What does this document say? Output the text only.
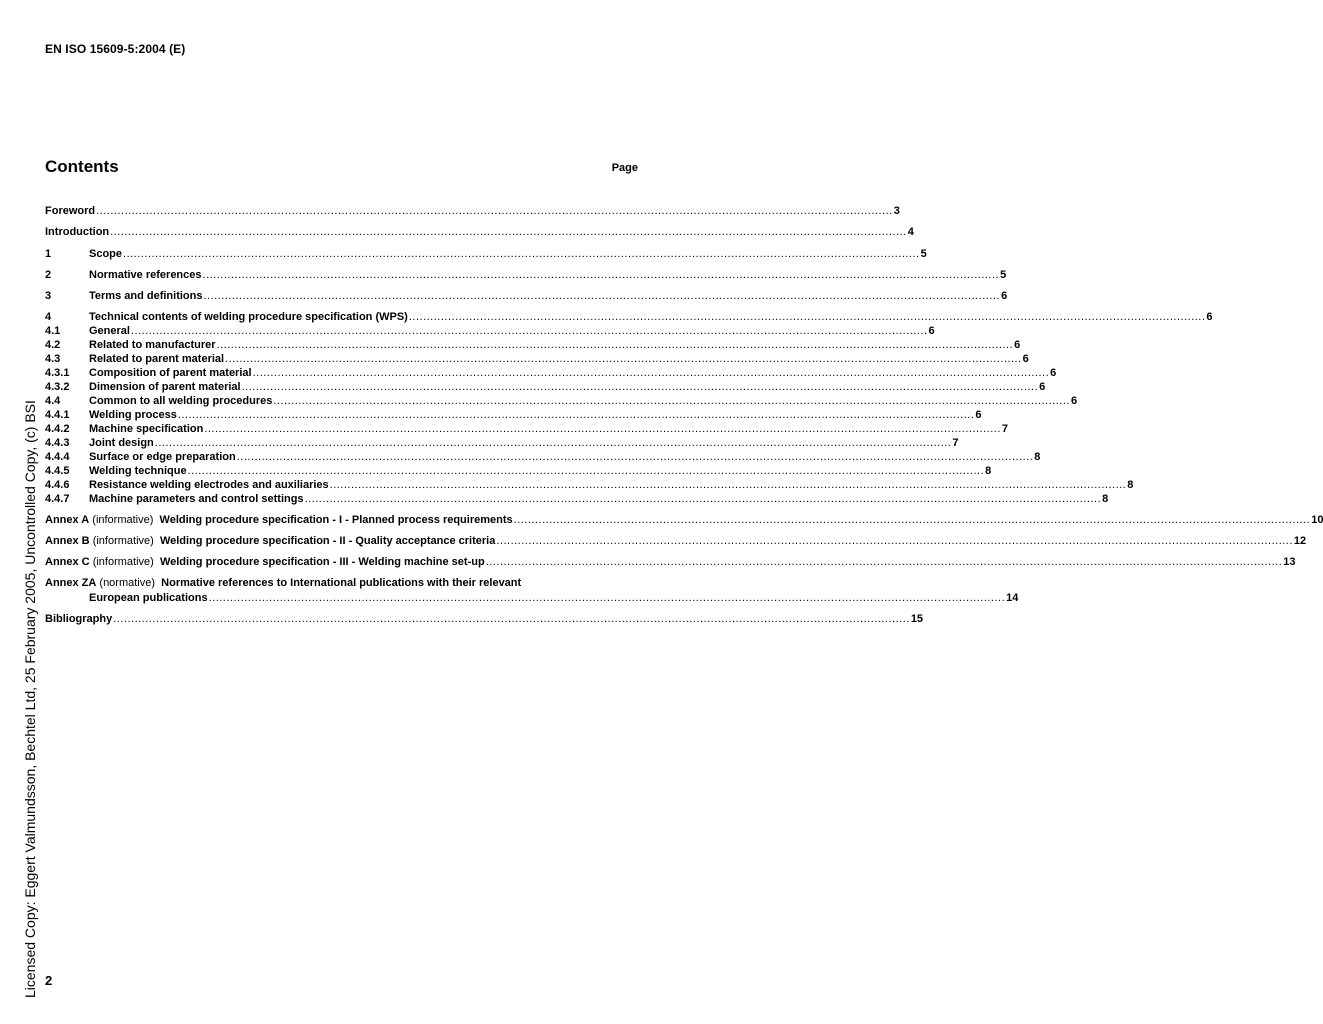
EN ISO 15609-5:2004 (E)
Contents	Page
Foreword .....	3
Introduction .....	4
1	Scope .....	5
2	Normative references .....	5
3	Terms and definitions .....	6
4	Technical contents of welding procedure specification (WPS) .....	6
4.1	General .....	6
4.2	Related to manufacturer .....	6
4.3	Related to parent material .....	6
4.3.1	Composition of parent material .....	6
4.3.2	Dimension of parent material .....	6
4.4	Common to all welding procedures .....	6
4.4.1	Welding process .....	6
4.4.2	Machine specification .....	7
4.4.3	Joint design .....	7
4.4.4	Surface or edge preparation .....	8
4.4.5	Welding technique .....	8
4.4.6	Resistance welding electrodes and auxiliaries .....	8
4.4.7	Machine parameters and control settings .....	8
Annex A (informative) Welding procedure specification - I - Planned process requirements .....	10
Annex B (informative) Welding procedure specification - II - Quality acceptance criteria .....	12
Annex C (informative) Welding procedure specification - III - Welding machine set-up .....	13
Annex ZA (normative) Normative references to International publications with their relevant
European publications .....	14
Bibliography .....	15
Licensed Copy: Eggert Valmundsson, Bechtel Ltd, 25 February 2005, Uncontrolled Copy, (c) BSI 2
